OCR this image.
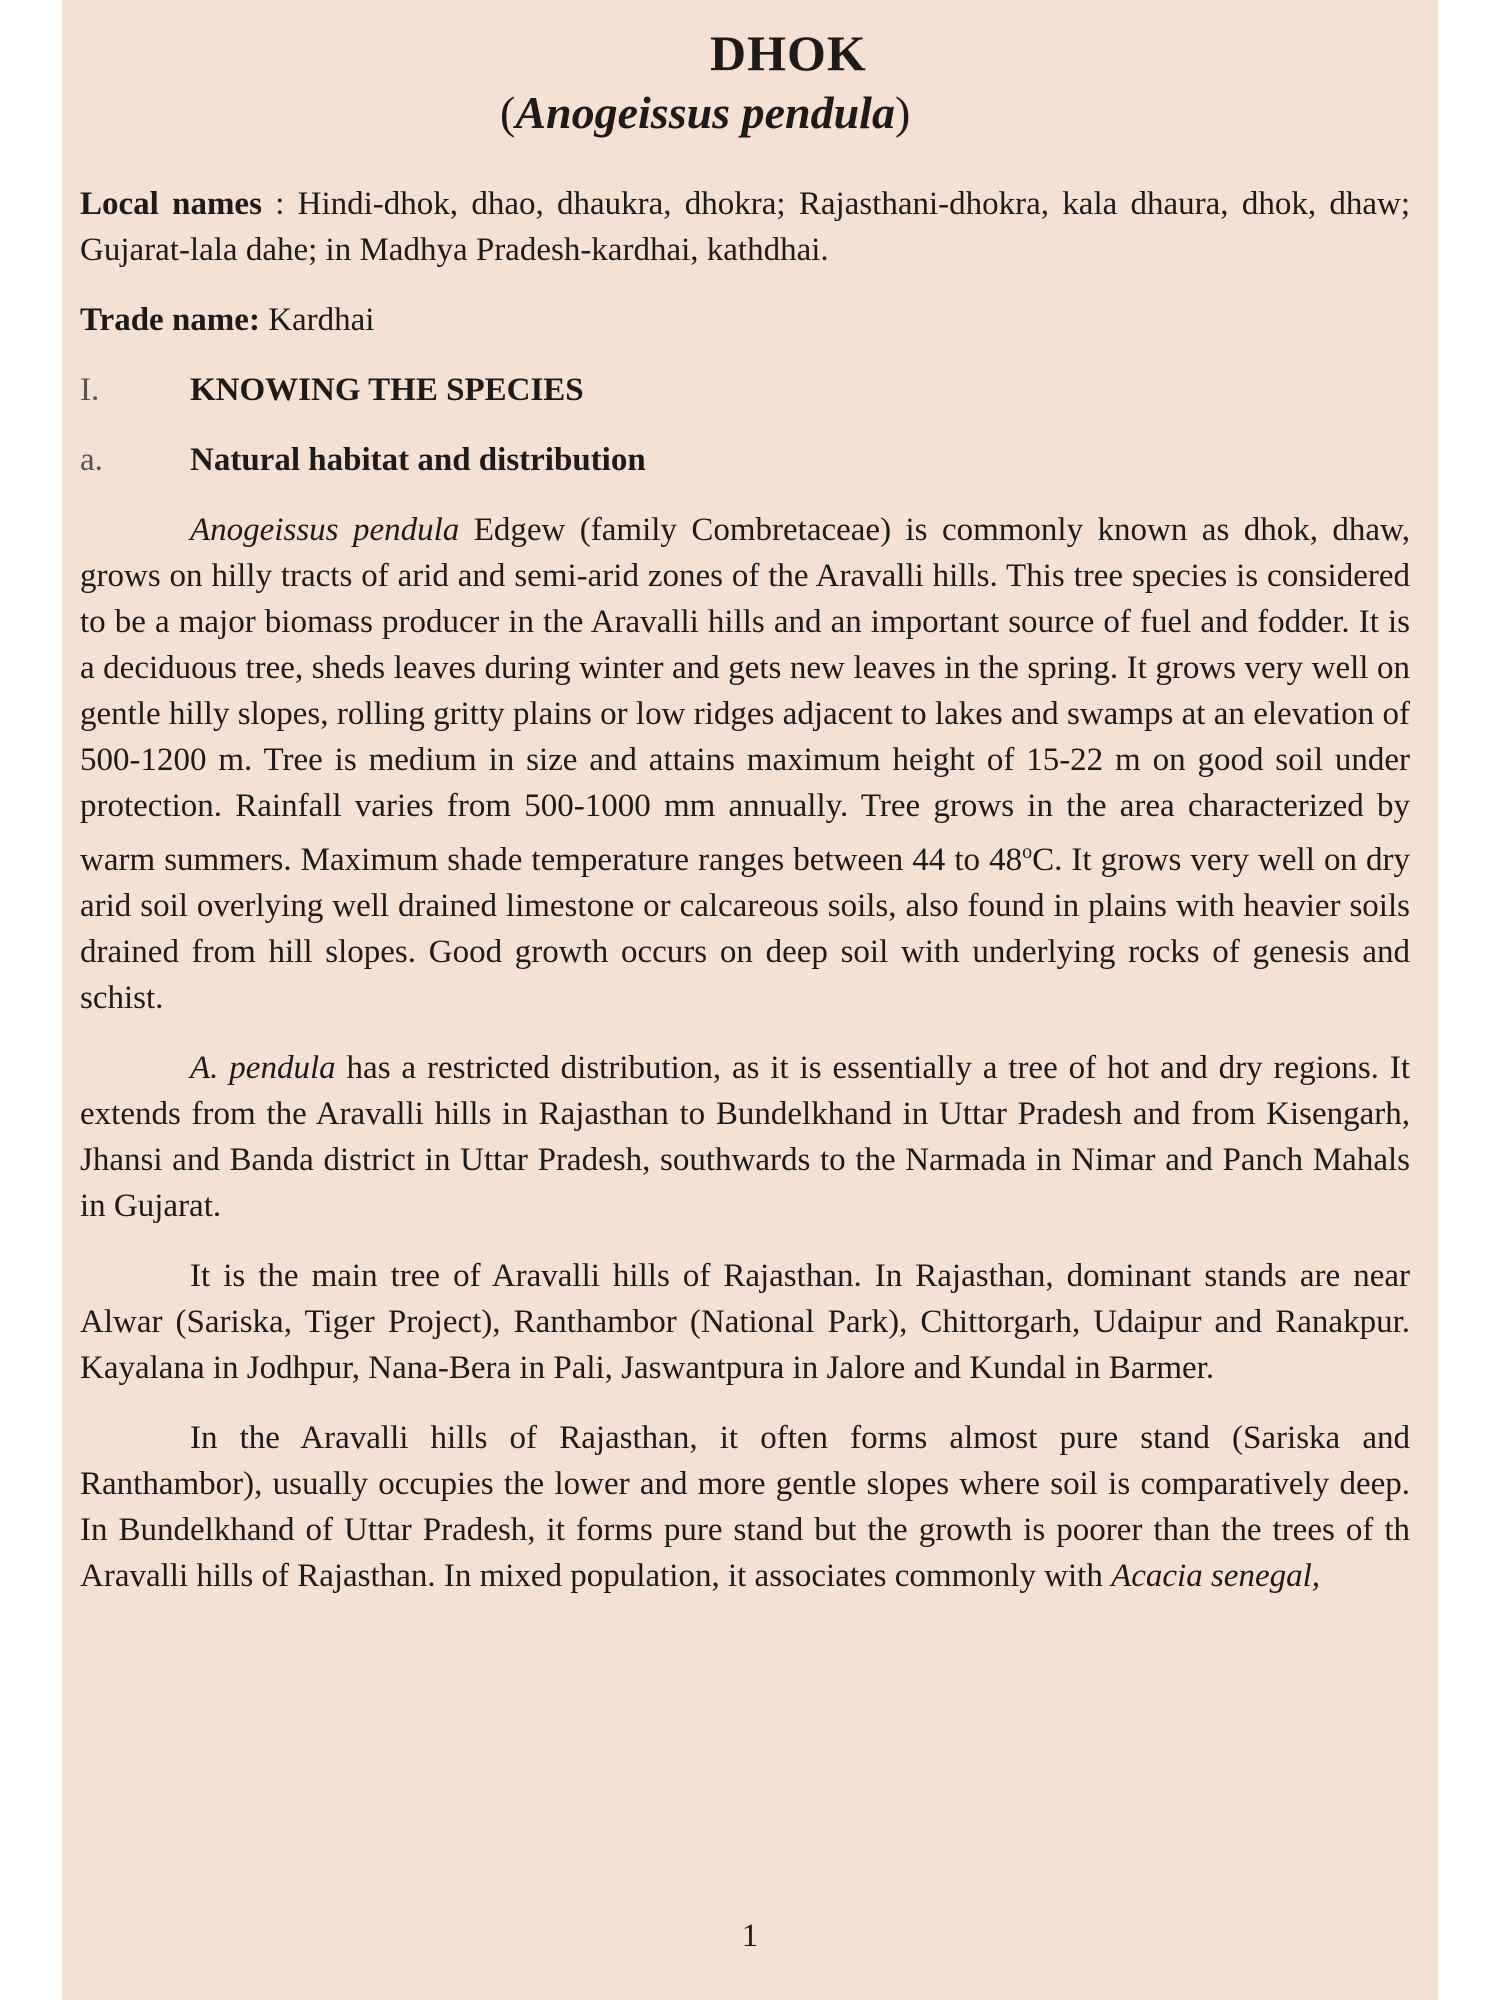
DHOK
(Anogeissus pendula)

Local names : Hindi-dhok, dhao, dhaukra, dhokra; Rajasthani-dhokra, kala dhaura, dhok, dhaw; Gujarat-lala dahe; in Madhya Pradesh-kardhai, kathdhai.

Trade name: Kardhai

I.	KNOWING THE SPECIES
a.	Natural habitat and distribution

Anogeissus pendula Edgew (family Combretaceae) is commonly known as dhok, dhaw, grows on hilly tracts of arid and semi-arid zones of the Aravalli hills. This tree species is considered to be a major biomass producer in the Aravalli hills and an important source of fuel and fodder. It is a deciduous tree, sheds leaves during winter and gets new leaves in the spring. It grows very well on gentle hilly slopes, rolling gritty plains or low ridges adjacent to lakes and swamps at an elevation of 500-1200 m. Tree is medium in size and attains maximum height of 15-22 m on good soil under protection. Rainfall varies from 500-1000 mm annually. Tree grows in the area characterized by warm summers. Maximum shade temperature ranges between 44 to 48$^o$C. It grows very well on dry arid soil overlying well drained limestone or calcareous soils, also found in plains with heavier soils drained from hill slopes. Good growth occurs on deep soil with underlying rocks of genesis and schist.

A. pendula has a restricted distribution, as it is essentially a tree of hot and dry regions. It extends from the Aravalli hills in Rajasthan to Bundelkhand in Uttar Pradesh and from Kisengarh, Jhansi and Banda district in Uttar Pradesh, southwards to the Narmada in Nimar and Panch Mahals in Gujarat.

It is the main tree of Aravalli hills of Rajasthan. In Rajasthan, dominant stands are near Alwar (Sariska, Tiger Project), Ranthambor (National Park), Chittorgarh, Udaipur and Ranakpur. Kayalana in Jodhpur, Nana-Bera in Pali, Jaswantpura in Jalore and Kundal in Barmer.

In the Aravalli hills of Rajasthan, it often forms almost pure stand (Sariska and Ranthambor), usually occupies the lower and more gentle slopes where soil is comparatively deep. In Bundelkhand of Uttar Pradesh, it forms pure stand but the growth is poorer than the trees of th Aravalli hills of Rajasthan. In mixed population, it associates commonly with Acacia senegal,

1
